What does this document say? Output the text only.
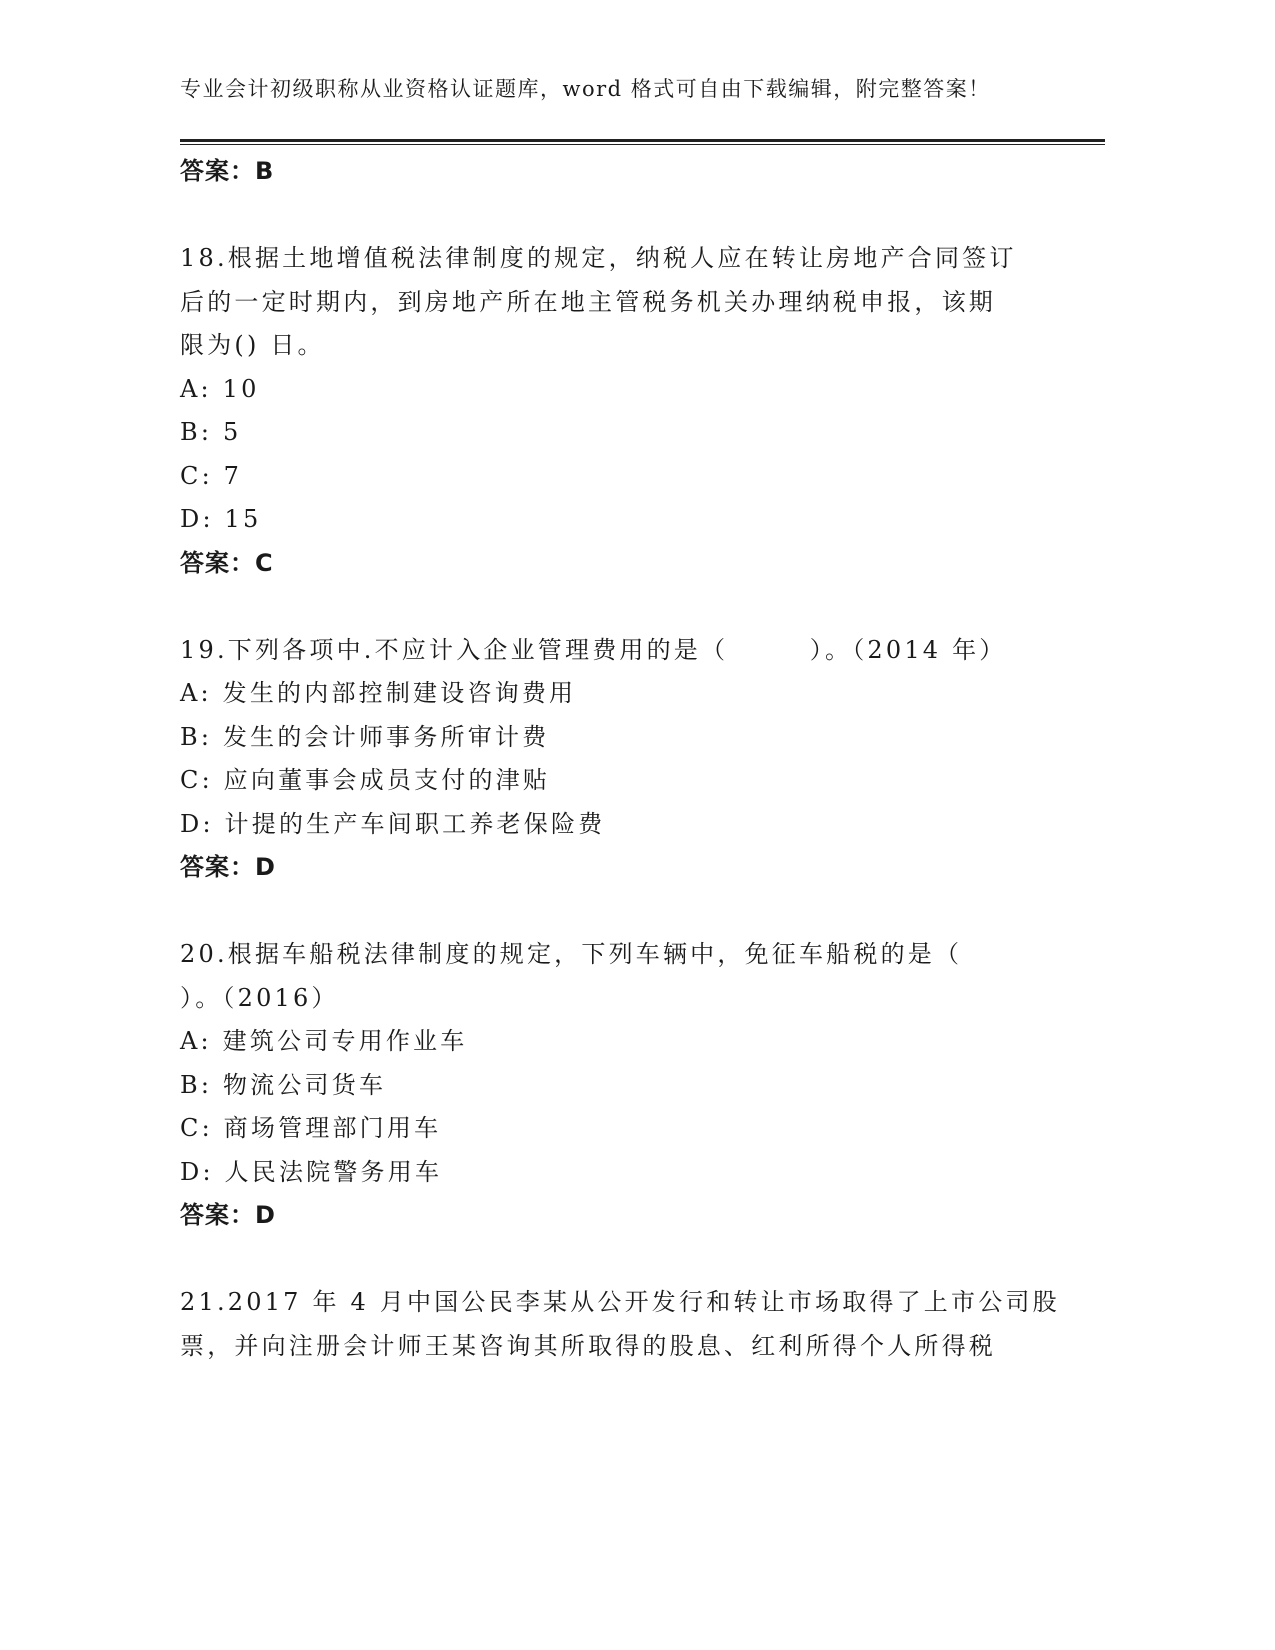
专业会计初级职称从业资格认证题库，word 格式可自由下载编辑，附完整答案！
答案：B
18.根据土地增值税法律制度的规定，纳税人应在转让房地产合同签订
后的一定时期内，到房地产所在地主管税务机关办理纳税申报，该期
限为() 日。
A: 10
B: 5
C: 7
D: 15
答案：C
19.下列各项中.不应计入企业管理费用的是（　　　）。（2014 年）
A: 发生的内部控制建设咨询费用
B: 发生的会计师事务所审计费
C: 应向董事会成员支付的津贴
D: 计提的生产车间职工养老保险费
答案：D
20.根据车船税法律制度的规定，下列车辆中，免征车船税的是（
）。（2016）
A: 建筑公司专用作业车
B: 物流公司货车
C: 商场管理部门用车
D: 人民法院警务用车
答案：D
21.2017 年 4 月中国公民李某从公开发行和转让市场取得了上市公司股
票，并向注册会计师王某咨询其所取得的股息、红利所得个人所得税
